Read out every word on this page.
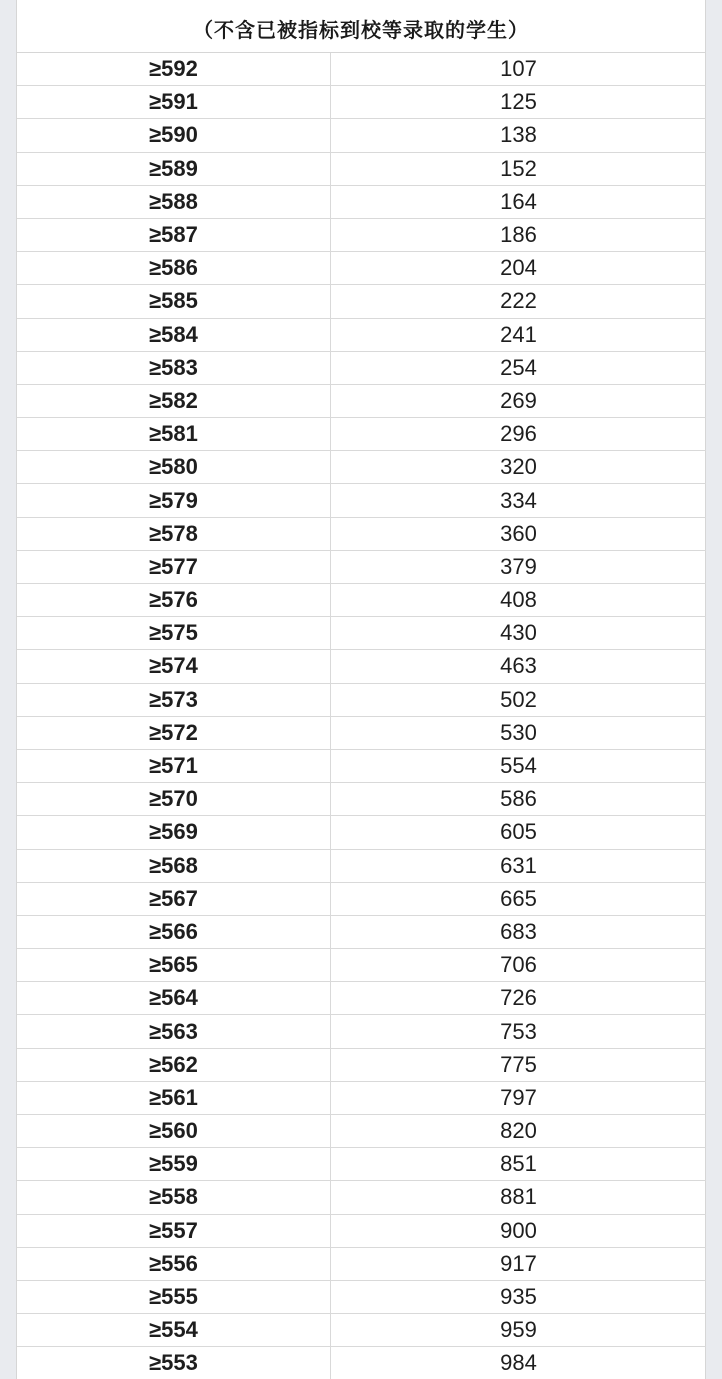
（不含已被指标到校等录取的学生）
≥592	107
≥591	125
≥590	138
≥589	152
≥588	164
≥587	186
≥586	204
≥585	222
≥584	241
≥583	254
≥582	269
≥581	296
≥580	320
≥579	334
≥578	360
≥577	379
≥576	408
≥575	430
≥574	463
≥573	502
≥572	530
≥571	554
≥570	586
≥569	605
≥568	631
≥567	665
≥566	683
≥565	706
≥564	726
≥563	753
≥562	775
≥561	797
≥560	820
≥559	851
≥558	881
≥557	900
≥556	917
≥555	935
≥554	959
≥553	984
